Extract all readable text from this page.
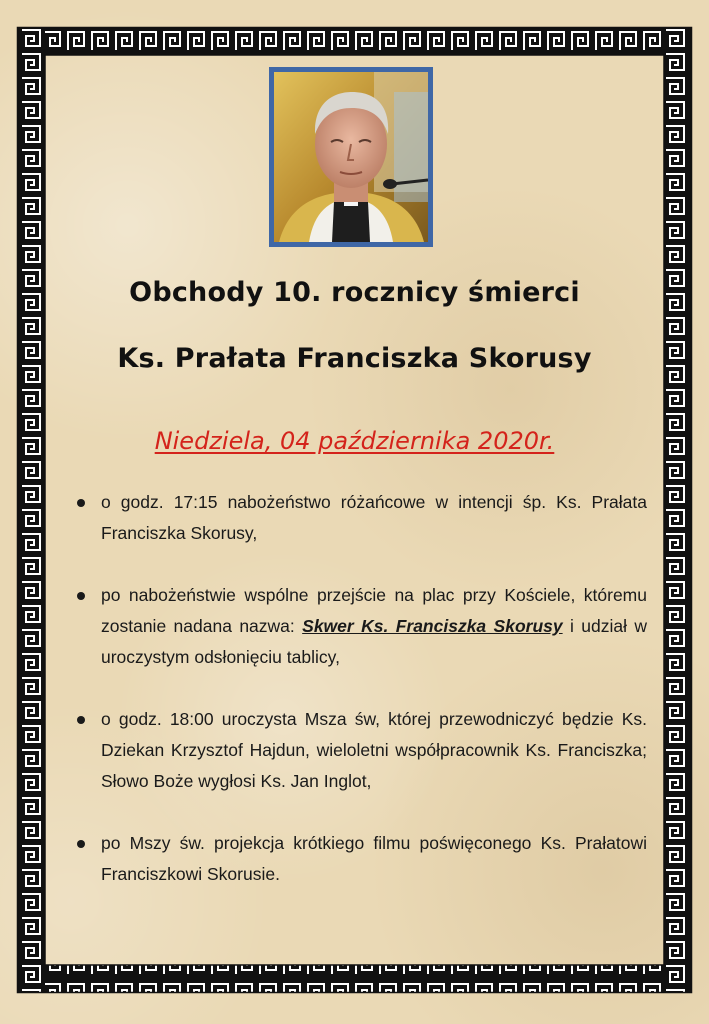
Obchody 10. rocznicy śmierci
Ks. Prałata Franciszka Skorusy

Niedziela, 04 października 2020r.

o godz. 17:15 nabożeństwo różańcowe w intencji śp. Ks. Prałata Franciszka Skorusy,
po nabożeństwie wspólne przejście na plac przy Kościele, któremu zostanie nadana nazwa: Skwer Ks. Franciszka Skorusy i udział w uroczystym odsłonięciu tablicy,
o godz. 18:00 uroczysta Msza św, której przewodniczyć będzie Ks. Dziekan Krzysztof Hajdun, wieloletni współpracownik Ks. Franciszka; Słowo Boże wygłosi Ks. Jan Inglot,
po Mszy św. projekcja krótkiego filmu poświęconego Ks. Prałatowi Franciszkowi Skorusie.
